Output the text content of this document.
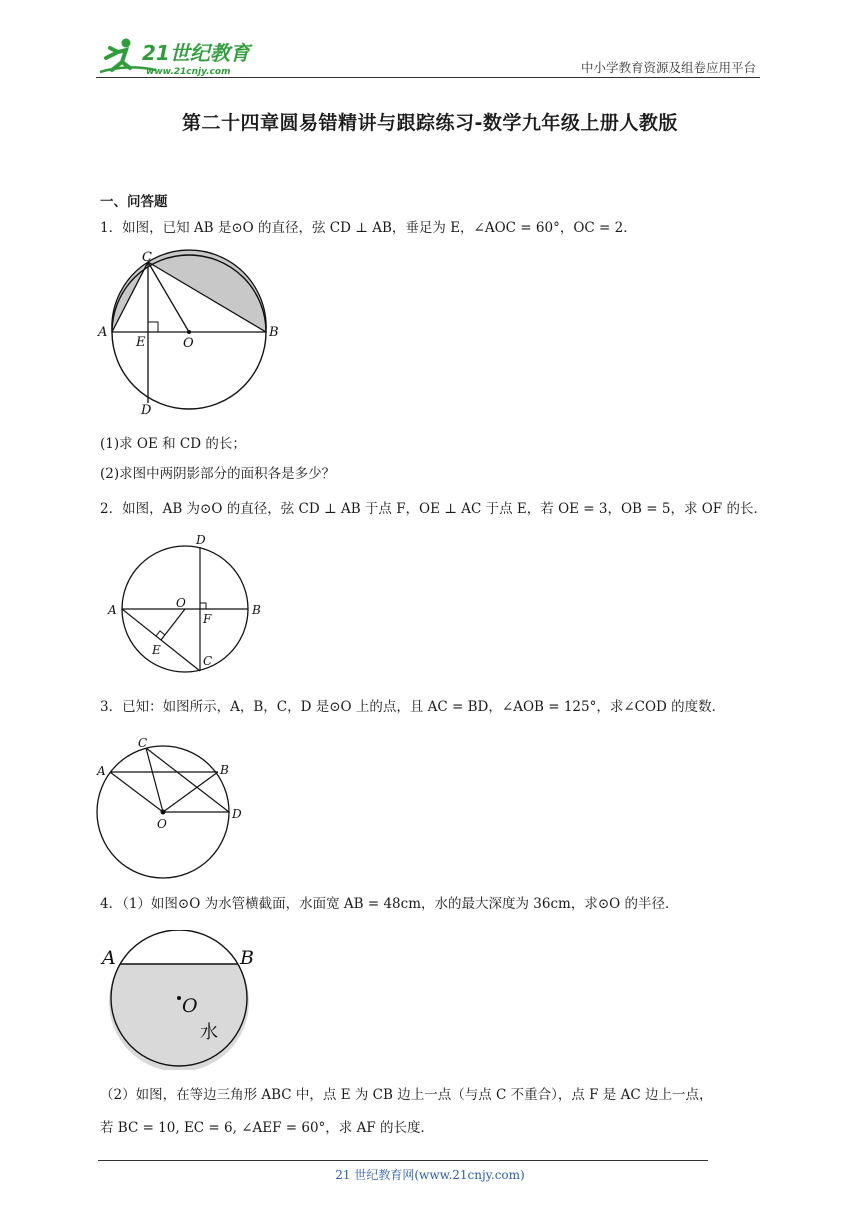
21世纪教育
www.21cnjy.com	中小学教育资源及组卷应用平台
第二十四章圆易错精讲与跟踪练习-数学九年级上册人教版
一、问答题
1．如图，已知 AB 是⊙O 的直径，弦 CD ⊥ AB，垂足为 E，∠AOC = 60°，OC = 2．
C
A
E	O
B
D
(1)求 OE 和 CD 的长；
(2)求图中两阴影部分的面积各是多少？
2．如图，AB 为⊙O 的直径，弦 CD ⊥ AB 于点 F，OE ⊥ AC 于点 E，若 OE = 3，OB = 5，求 OF 的长．
D
A	O	B
F
E
C
3．已知：如图所示，A，B，C，D 是⊙O 上的点，且 AC = BD，∠AOB = 125°，求∠COD 的度数．
C
A	B
O
D
4．（1）如图⊙O 为水管横截面，水面宽 AB = 48cm，水的最大深度为 36cm，求⊙O 的半径．
A	B
O
水
（2）如图，在等边三角形 ABC 中，点 E 为 CB 边上一点（与点 C 不重合），点 F 是 AC 边上一点，
若 BC = 10, EC = 6, ∠AEF = 60°，求 AF 的长度．
21 世纪教育网(www.21cnjy.com)
